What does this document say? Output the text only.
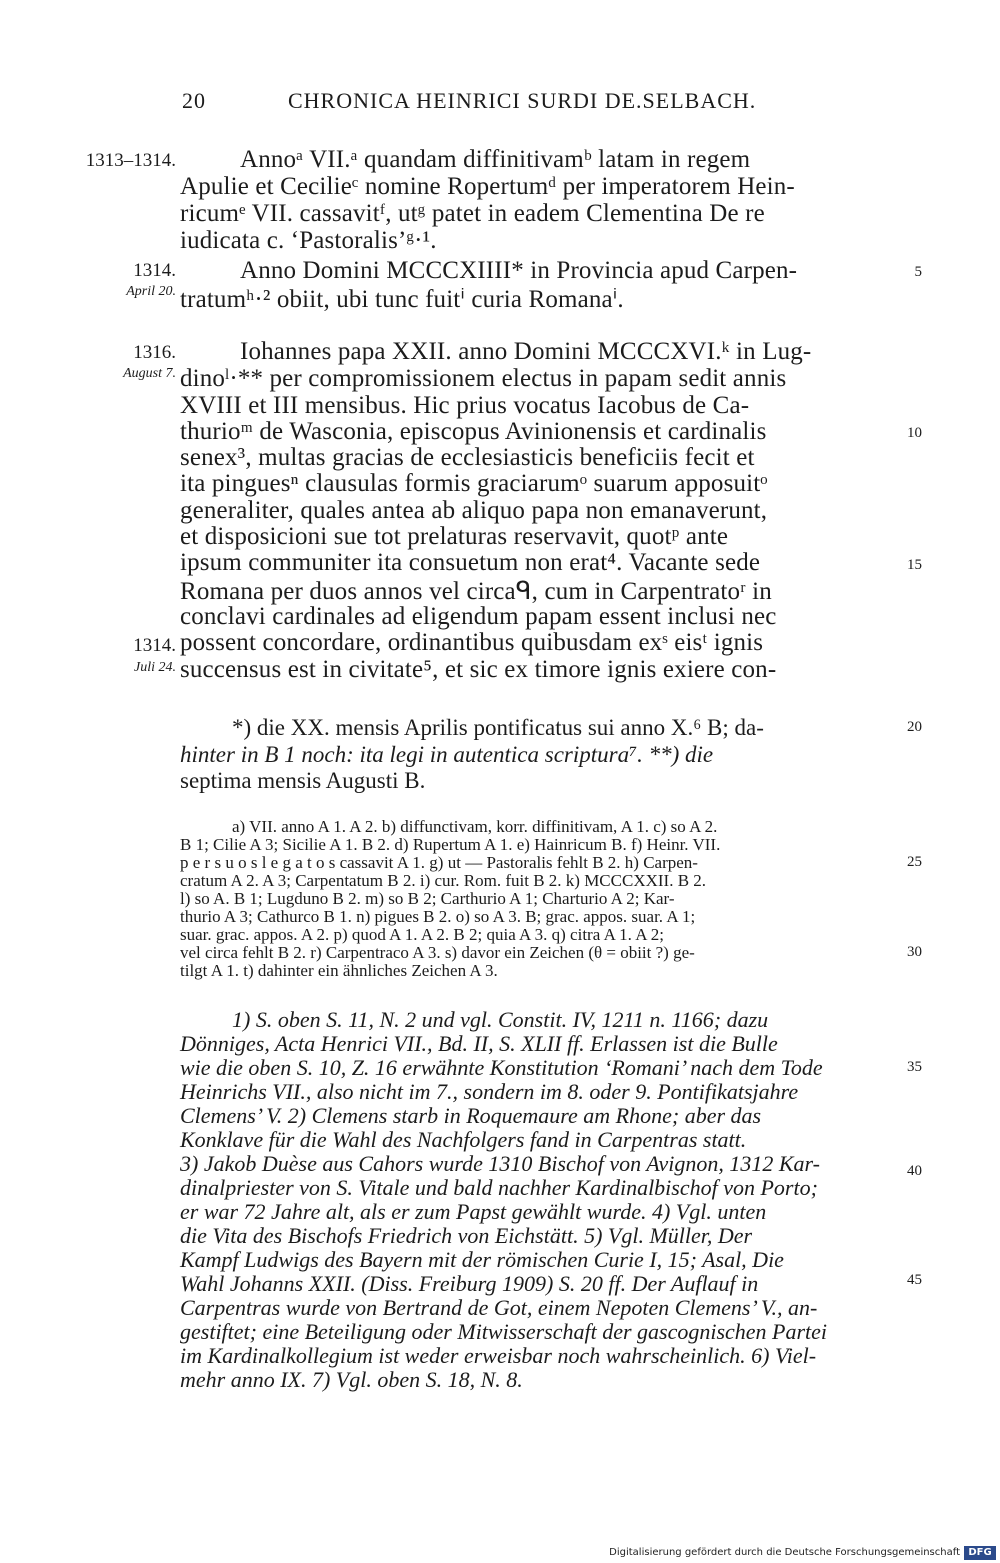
20	CHRONICA HEINRICI SURDI DE.SELBACH.
1313–1314.
1314.
April 20.
1316.
August 7.
1314.
Juli 24.
Annoᵃ VII.ᵃ quandam diffinitivamᵇ latam in regem
Apulie et Cecilieᶜ nomine Ropertumᵈ per imperatorem Hein-
ricumᵉ VII. cassavitᶠ, utᵍ patet in eadem Clementina De re
iudicata c. ‘Pastoralis’ᵍ·¹.
Anno Domini MCCCXIIII* in Provincia apud Carpen-
tratumʰ·² obiit, ubi tunc fuitⁱ curia Romanaⁱ.
Iohannes papa XXII. anno Domini MCCCXVI.ᵏ in Lug-
dinoˡ·** per compromissionem electus in papam sedit annis
XVIII et III mensibus. Hic prius vocatus Iacobus de Ca-
thurioᵐ de Wasconia, episcopus Avinionensis et cardinalis
senex³, multas gracias de ecclesiasticis beneficiis fecit et
ita pinguesⁿ clausulas formis graciarumᵒ suarum apposuitᵒ
generaliter, quales antea ab aliquo papa non emanaverunt,
et disposicioni sue tot prelaturas reservavit, quotᵖ ante
ipsum communiter ita consuetum non erat⁴. Vacante sede
Romana per duos annos vel circaᑫ, cum in Carpentratoʳ in
conclavi cardinales ad eligendum papam essent inclusi nec
possent concordare, ordinantibus quibusdam exˢ eisᵗ ignis
succensus est in civitate⁵, et sic ex timore ignis exiere con-
*) die XX. mensis Aprilis pontificatus sui anno X.⁶ B; da-
hinter in B 1 noch: ita legi in autentica scriptura⁷. **) die
septima mensis Augusti B.
a) VII. anno A 1. A 2. b) diffunctivam, korr. diffinitivam, A 1. c) so A 2.
B 1; Cilie A 3; Sicilie A 1. B 2. d) Rupertum A 1. e) Hainricum B. f) Heinr. VII.
p e r s u o s l e g a t o s cassavit A 1. g) ut — Pastoralis fehlt B 2. h) Carpen-
cratum A 2. A 3; Carpentatum B 2. i) cur. Rom. fuit B 2. k) MCCCXXII. B 2.
l) so A. B 1; Lugduno B 2. m) so B 2; Carthurio A 1; Charturio A 2; Kar-
thurio A 3; Cathurco B 1. n) pigues B 2. o) so A 3. B; grac. appos. suar. A 1;
suar. grac. appos. A 2. p) quod A 1. A 2. B 2; quia A 3. q) citra A 1. A 2;
vel circa fehlt B 2. r) Carpentraco A 3. s) davor ein Zeichen (θ = obiit ?) ge-
tilgt A 1. t) dahinter ein ähnliches Zeichen A 3.
1) S. oben S. 11, N. 2 und vgl. Constit. IV, 1211 n. 1166; dazu
Dönniges, Acta Henrici VII., Bd. II, S. XLII ff. Erlassen ist die Bulle
wie die oben S. 10, Z. 16 erwähnte Konstitution ‘Romani’ nach dem Tode
Heinrichs VII., also nicht im 7., sondern im 8. oder 9. Pontifikatsjahre
Clemens’ V. 2) Clemens starb in Roquemaure am Rhone; aber das
Konklave für die Wahl des Nachfolgers fand in Carpentras statt.
3) Jakob Duèse aus Cahors wurde 1310 Bischof von Avignon, 1312 Kar-
dinalpriester von S. Vitale und bald nachher Kardinalbischof von Porto;
er war 72 Jahre alt, als er zum Papst gewählt wurde. 4) Vgl. unten
die Vita des Bischofs Friedrich von Eichstätt. 5) Vgl. Müller, Der
Kampf Ludwigs des Bayern mit der römischen Curie I, 15; Asal, Die
Wahl Johanns XXII. (Diss. Freiburg 1909) S. 20 ff. Der Auflauf in
Carpentras wurde von Bertrand de Got, einem Nepoten Clemens’ V., an-
gestiftet; eine Beteiligung oder Mitwisserschaft der gascognischen Partei
im Kardinalkollegium ist weder erweisbar noch wahrscheinlich. 6) Viel-
mehr anno IX. 7) Vgl. oben S. 18, N. 8.
5
10
15
20
25
30
35
40
45
Digitalisierung gefördert durch die Deutsche Forschungsgemeinschaft DFG
